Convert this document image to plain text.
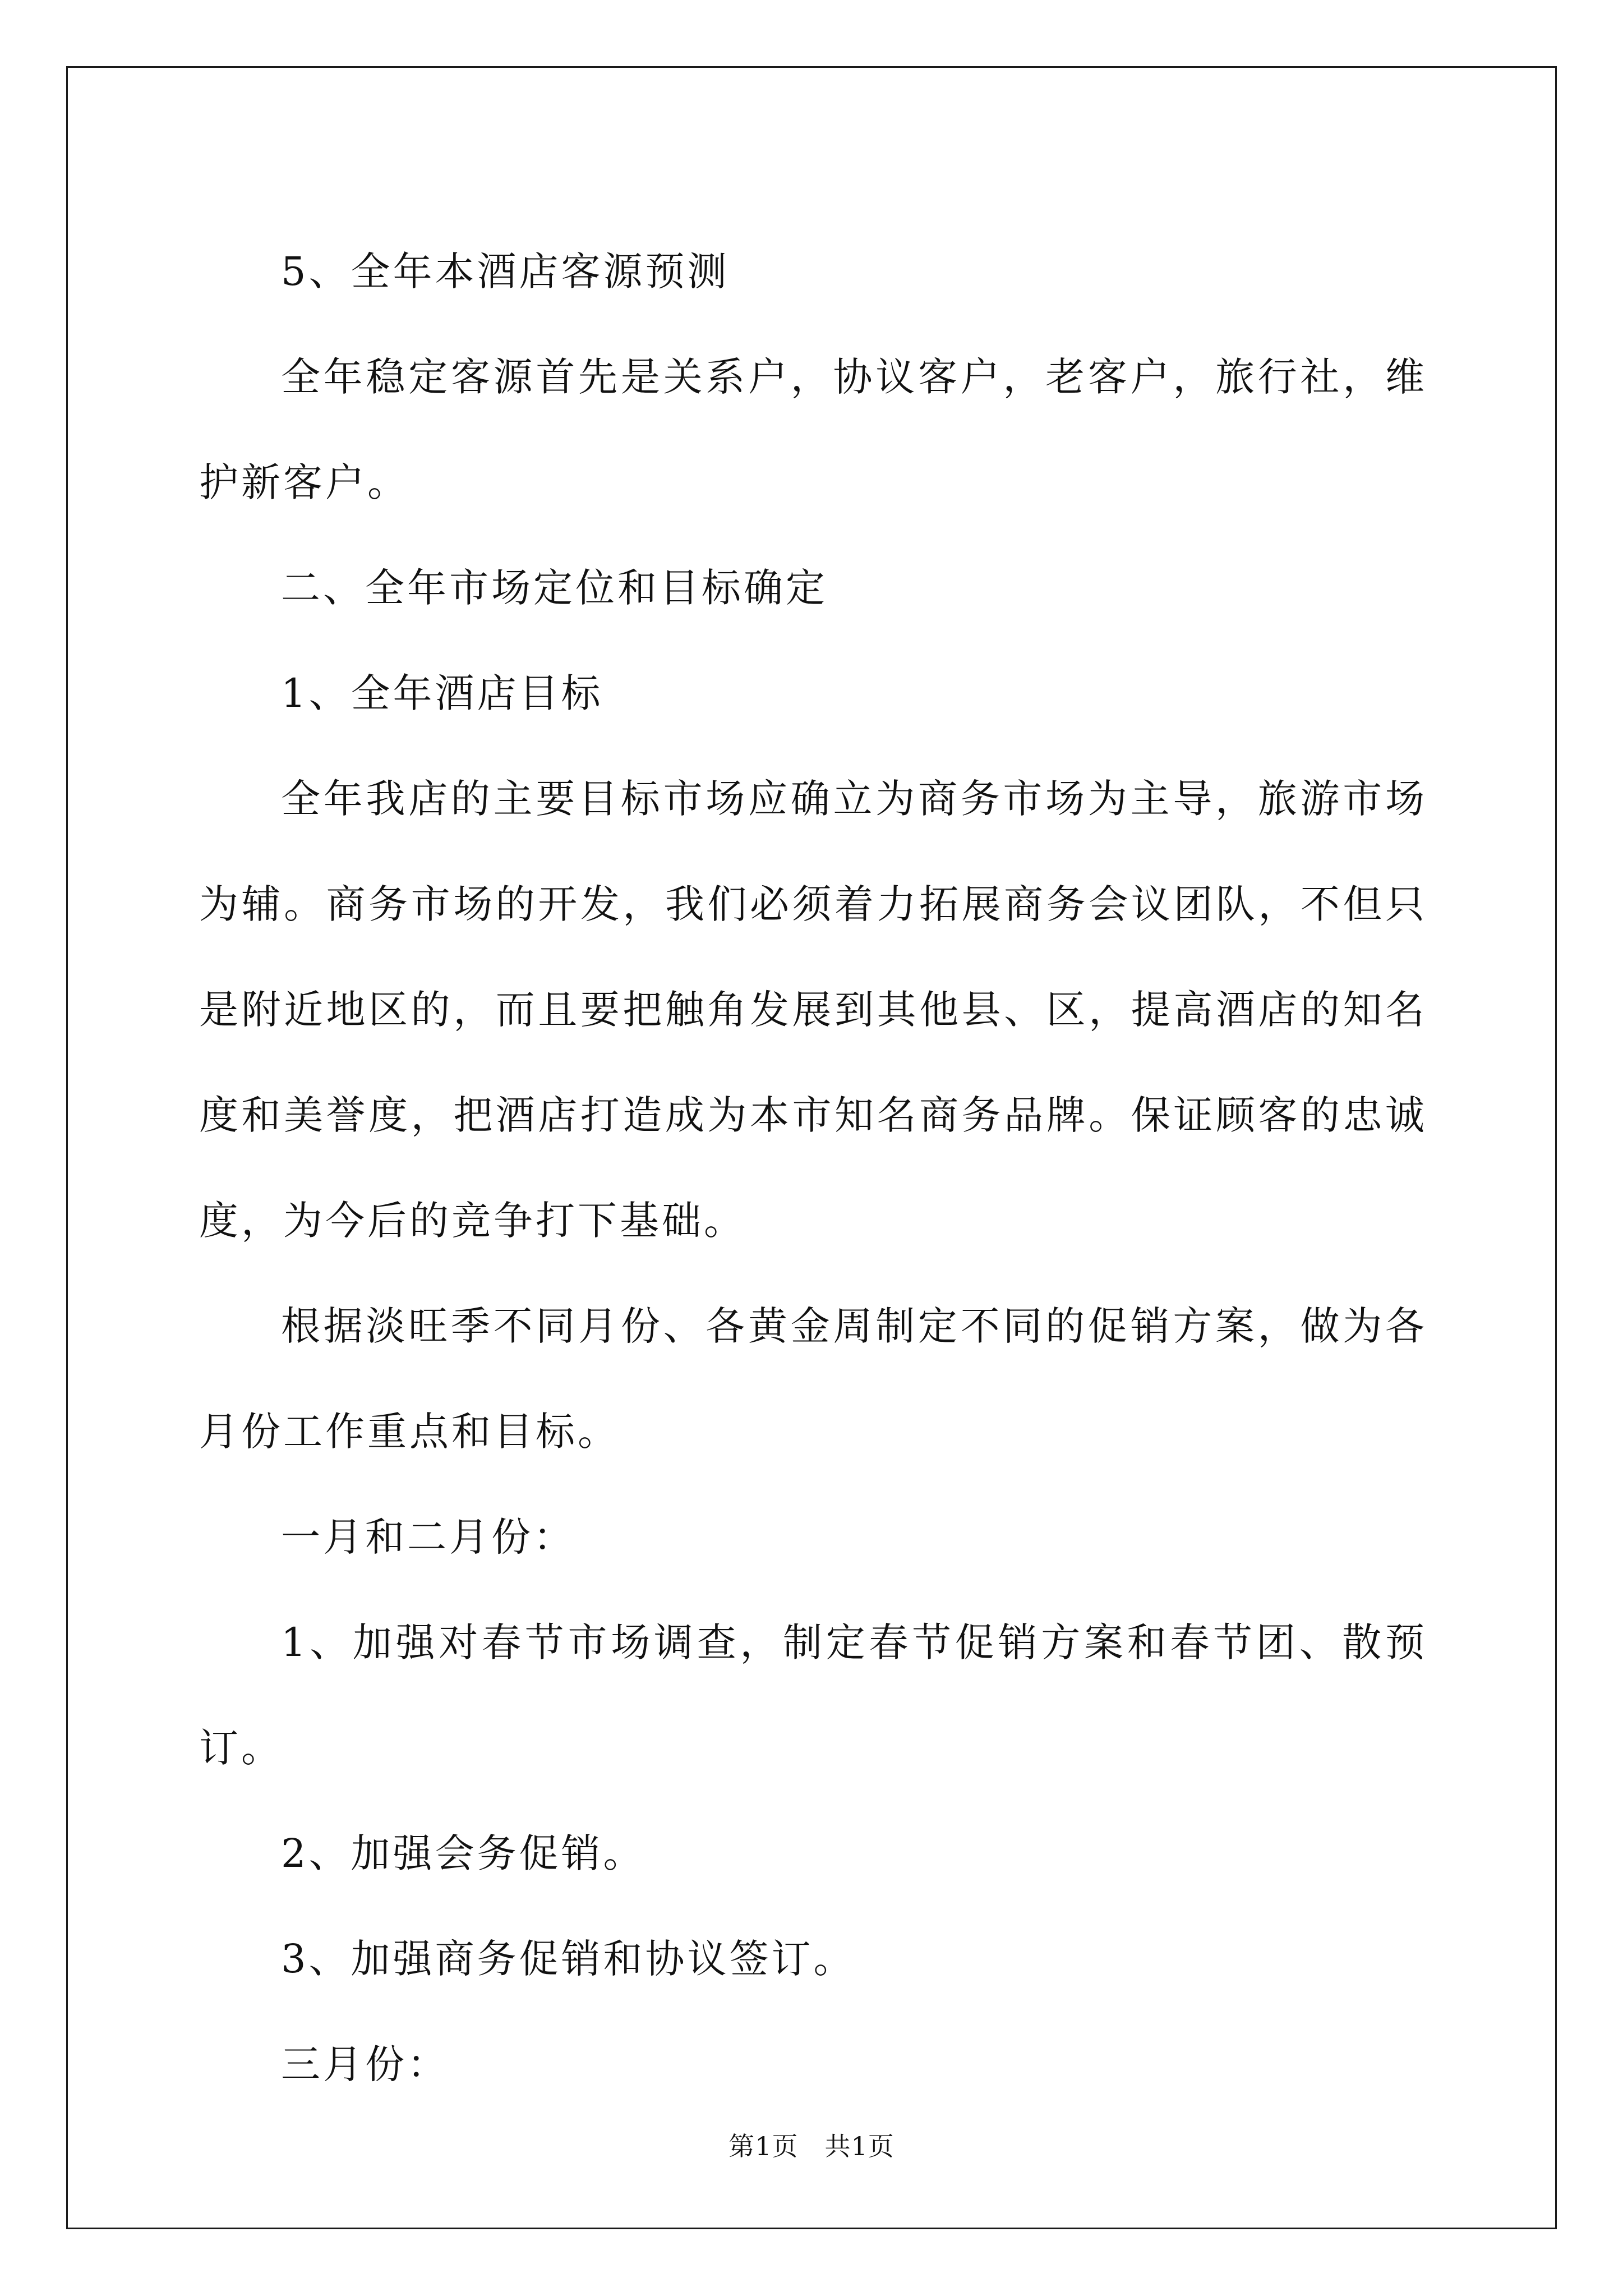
5、全年本酒店客源预测

全年稳定客源首先是关系户，协议客户，老客户，旅行社，维护新客户。

二、全年市场定位和目标确定

1、全年酒店目标

全年我店的主要目标市场应确立为商务市场为主导，旅游市场为辅。商务市场的开发，我们必须着力拓展商务会议团队，不但只是附近地区的，而且要把触角发展到其他县、区，提高酒店的知名度和美誉度，把酒店打造成为本市知名商务品牌。保证顾客的忠诚度，为今后的竞争打下基础。

根据淡旺季不同月份、各黄金周制定不同的促销方案，做为各月份工作重点和目标。

一月和二月份：

1、加强对春节市场调查，制定春节促销方案和春节团、散预订。

2、加强会务促销。

3、加强商务促销和协议签订。

三月份：

第1页　共1页
